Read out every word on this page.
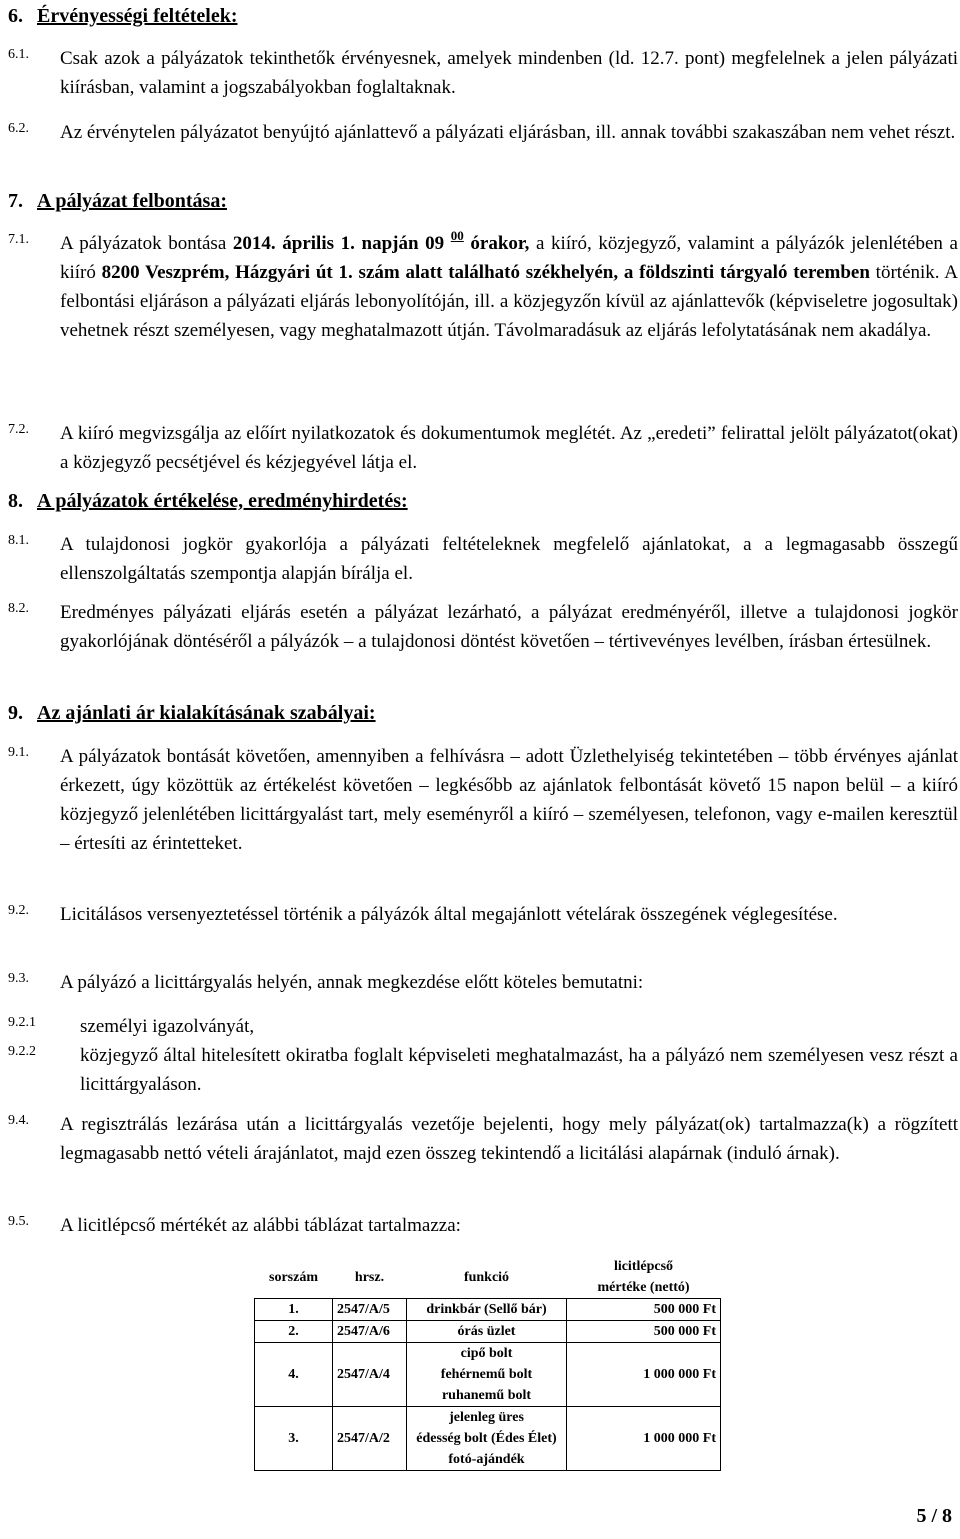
6. Érvényességi feltételek:
6.1. Csak azok a pályázatok tekinthetők érvényesnek, amelyek mindenben (ld. 12.7. pont) megfelelnek a jelen pályázati kiírásban, valamint a jogszabályokban foglaltaknak.
6.2. Az érvénytelen pályázatot benyújtó ajánlattevő a pályázati eljárásban, ill. annak további szakaszában nem vehet részt.
7. A pályázat felbontása:
7.1. A pályázatok bontása 2014. április 1. napján 09 $^{00}$ órakor, a kiíró, közjegyző, valamint a pályázók jelenlétében a kiíró 8200 Veszprém, Házgyári út 1. szám alatt található székhelyén, a földszinti tárgyaló teremben történik. A felbontási eljáráson a pályázati eljárás lebonyolítóján, ill. a közjegyzőn kívül az ajánlattevők (képviseletre jogosultak) vehetnek részt személyesen, vagy meghatalmazott útján. Távolmaradásuk az eljárás lefolytatásának nem akadálya.
7.2. A kiíró megvizsgálja az előírt nyilatkozatok és dokumentumok meglétét. Az „eredeti” felirattal jelölt pályázatot(okat) a közjegyző pecsétjével és kézjegyével látja el.
8. A pályázatok értékelése, eredményhirdetés:
8.1. A tulajdonosi jogkör gyakorlója a pályázati feltételeknek megfelelő ajánlatokat, a a legmagasabb összegű ellenszolgáltatás szempontja alapján bírálja el.
8.2. Eredményes pályázati eljárás esetén a pályázat lezárható, a pályázat eredményéről, illetve a tulajdonosi jogkör gyakorlójának döntéséről a pályázók – a tulajdonosi döntést követően – tértivevényes levélben, írásban értesülnek.
9. Az ajánlati ár kialakításának szabályai:
9.1. A pályázatok bontását követően, amennyiben a felhívásra – adott Üzlethelyiség tekintetében – több érvényes ajánlat érkezett, úgy közöttük az értékelést követően – legkésőbb az ajánlatok felbontását követő 15 napon belül – a kiíró közjegyző jelenlétében licittárgyalást tart, mely eseményről a kiíró – személyesen, telefonon, vagy e-mailen keresztül – értesíti az érintetteket.
9.2. Licitálásos versenyeztetéssel történik a pályázók által megajánlott vételárak összegének véglegesítése.
9.3. A pályázó a licittárgyalás helyén, annak megkezdése előtt köteles bemutatni:
9.2.1 személyi igazolványát,
9.2.2 közjegyző által hitelesített okiratba foglalt képviseleti meghatalmazást, ha a pályázó nem személyesen vesz részt a licittárgyaláson.
9.4. A regisztrálás lezárása után a licittárgyalás vezetője bejelenti, hogy mely pályázat(ok) tartalmazza(k) a rögzített legmagasabb nettó vételi árajánlatot, majd ezen összeg tekintendő a licitálási alapárnak (induló árnak).
9.5. A licitlépcső mértékét az alábbi táblázat tartalmazza:
sorszám	hrsz.	funkció	licitlépcső
mértéke (nettó)

1.	2547/A/5	drinkbár (Sellő bár)	500 000 Ft
2.	2547/A/6	órás üzlet	500 000 Ft
4.	2547/A/4	cipő bolt
fehérnemű bolt
ruhanemű bolt	1 000 000 Ft
3.	2547/A/2	jelenleg üres
édesség bolt (Édes Élet)
fotó-ajándék	1 000 000 Ft
5 / 8
